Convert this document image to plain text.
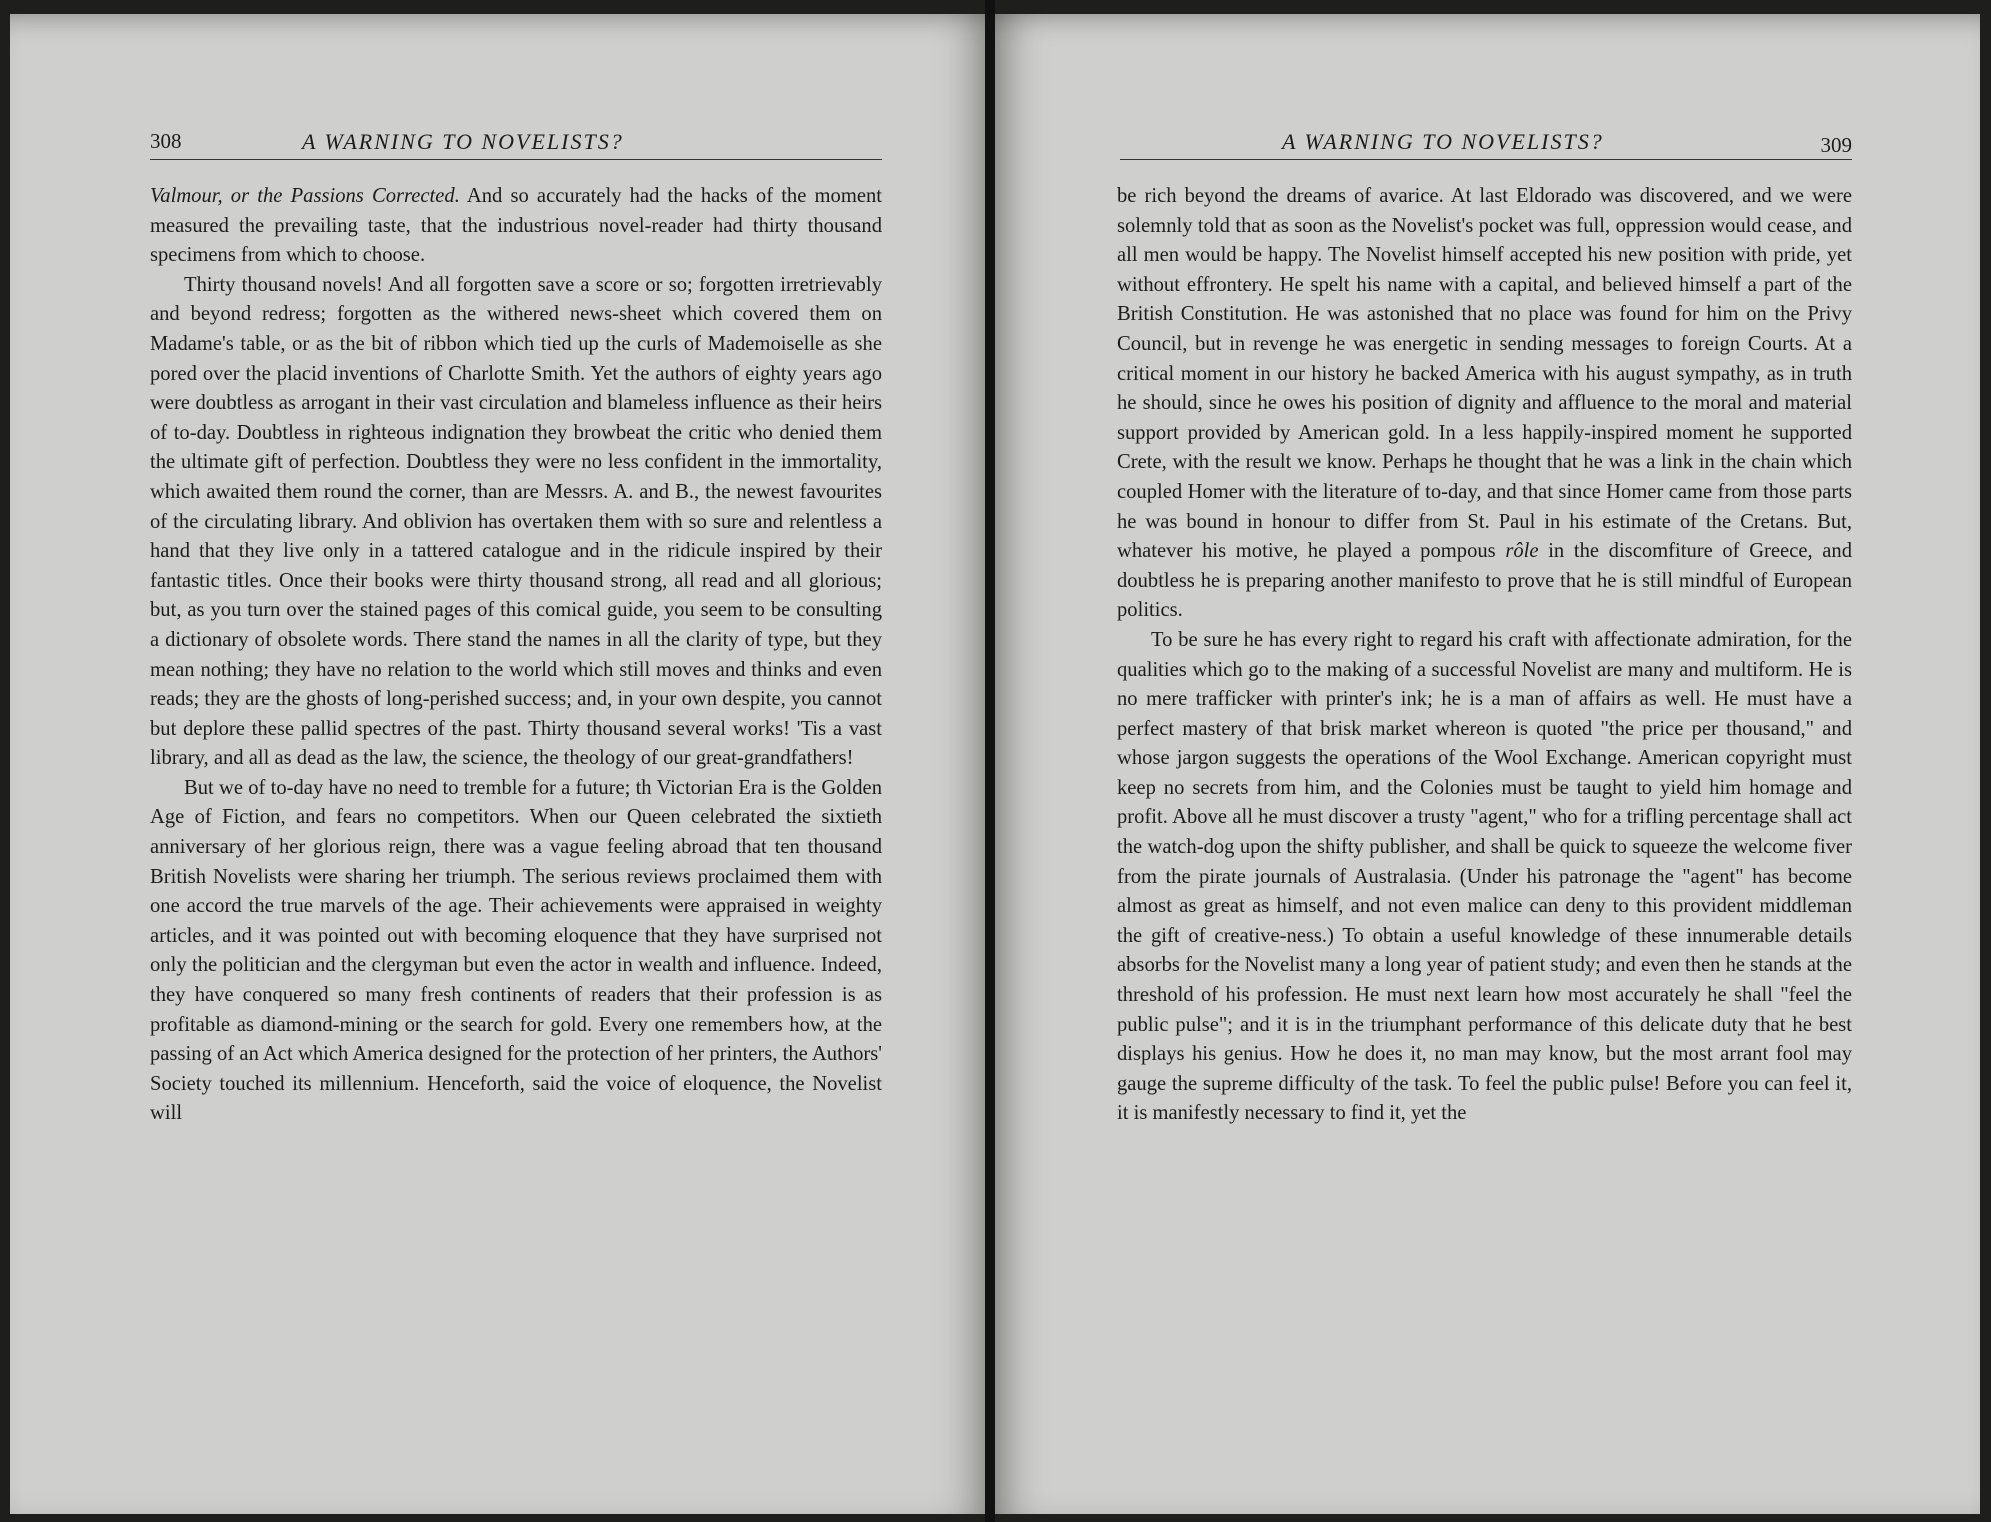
308	A WARNING TO NOVELISTS?

Valmour, or the Passions Corrected. And so accurately had the hacks of the moment measured the prevailing taste, that the industrious novel-reader had thirty thousand specimens from which to choose.

Thirty thousand novels! And all forgotten save a score or so; forgotten irretrievably and beyond redress; forgotten as the withered news-sheet which covered them on Madame's table, or as the bit of ribbon which tied up the curls of Mademoiselle as she pored over the placid inventions of Charlotte Smith. Yet the authors of eighty years ago were doubtless as arrogant in their vast circulation and blameless influence as their heirs of to-day. Doubtless in righteous indignation they browbeat the critic who denied them the ultimate gift of perfection. Doubtless they were no less confident in the immortality, which awaited them round the corner, than are Messrs. A. and B., the newest favourites of the circulating library. And oblivion has overtaken them with so sure and relentless a hand that they live only in a tattered catalogue and in the ridicule inspired by their fantastic titles. Once their books were thirty thousand strong, all read and all glorious; but, as you turn over the stained pages of this comical guide, you seem to be consulting a dictionary of obsolete words. There stand the names in all the clarity of type, but they mean nothing; they have no relation to the world which still moves and thinks and even reads; they are the ghosts of long-perished success; and, in your own despite, you cannot but deplore these pallid spectres of the past. Thirty thousand several works! 'Tis a vast library, and all as dead as the law, the science, the theology of our great-grandfathers!

But we of to-day have no need to tremble for a future; th Victorian Era is the Golden Age of Fiction, and fears no competitors. When our Queen celebrated the sixtieth anniversary of her glorious reign, there was a vague feeling abroad that ten thousand British Novelists were sharing her triumph. The serious reviews proclaimed them with one accord the true marvels of the age. Their achievements were appraised in weighty articles, and it was pointed out with becoming eloquence that they have surprised not only the politician and the clergyman but even the actor in wealth and influence. Indeed, they have conquered so many fresh continents of readers that their profession is as profitable as diamond-mining or the search for gold. Every one remembers how, at the passing of an Act which America designed for the protection of her printers, the Authors' Society touched its millennium. Henceforth, said the voice of eloquence, the Novelist will

A WARNING TO NOVELISTS?	309

be rich beyond the dreams of avarice. At last Eldorado was discovered, and we were solemnly told that as soon as the Novelist's pocket was full, oppression would cease, and all men would be happy. The Novelist himself accepted his new position with pride, yet without effrontery. He spelt his name with a capital, and believed himself a part of the British Constitution. He was astonished that no place was found for him on the Privy Council, but in revenge he was energetic in sending messages to foreign Courts. At a critical moment in our history he backed America with his august sympathy, as in truth he should, since he owes his position of dignity and affluence to the moral and material support provided by American gold. In a less happily-inspired moment he supported Crete, with the result we know. Perhaps he thought that he was a link in the chain which coupled Homer with the literature of to-day, and that since Homer came from those parts he was bound in honour to differ from St. Paul in his estimate of the Cretans. But, whatever his motive, he played a pompous rôle in the discomfiture of Greece, and doubtless he is preparing another manifesto to prove that he is still mindful of European politics.

To be sure he has every right to regard his craft with affectionate admiration, for the qualities which go to the making of a successful Novelist are many and multiform. He is no mere trafficker with printer's ink; he is a man of affairs as well. He must have a perfect mastery of that brisk market whereon is quoted "the price per thousand," and whose jargon suggests the operations of the Wool Exchange. American copyright must keep no secrets from him, and the Colonies must be taught to yield him homage and profit. Above all he must discover a trusty "agent," who for a trifling percentage shall act the watch-dog upon the shifty publisher, and shall be quick to squeeze the welcome fiver from the pirate journals of Australasia. (Under his patronage the "agent" has become almost as great as himself, and not even malice can deny to this provident middleman the gift of creative-ness.) To obtain a useful knowledge of these innumerable details absorbs for the Novelist many a long year of patient study; and even then he stands at the threshold of his profession. He must next learn how most accurately he shall "feel the public pulse"; and it is in the triumphant performance of this delicate duty that he best displays his genius. How he does it, no man may know, but the most arrant fool may gauge the supreme difficulty of the task. To feel the public pulse! Before you can feel it, it is manifestly necessary to find it, yet the
